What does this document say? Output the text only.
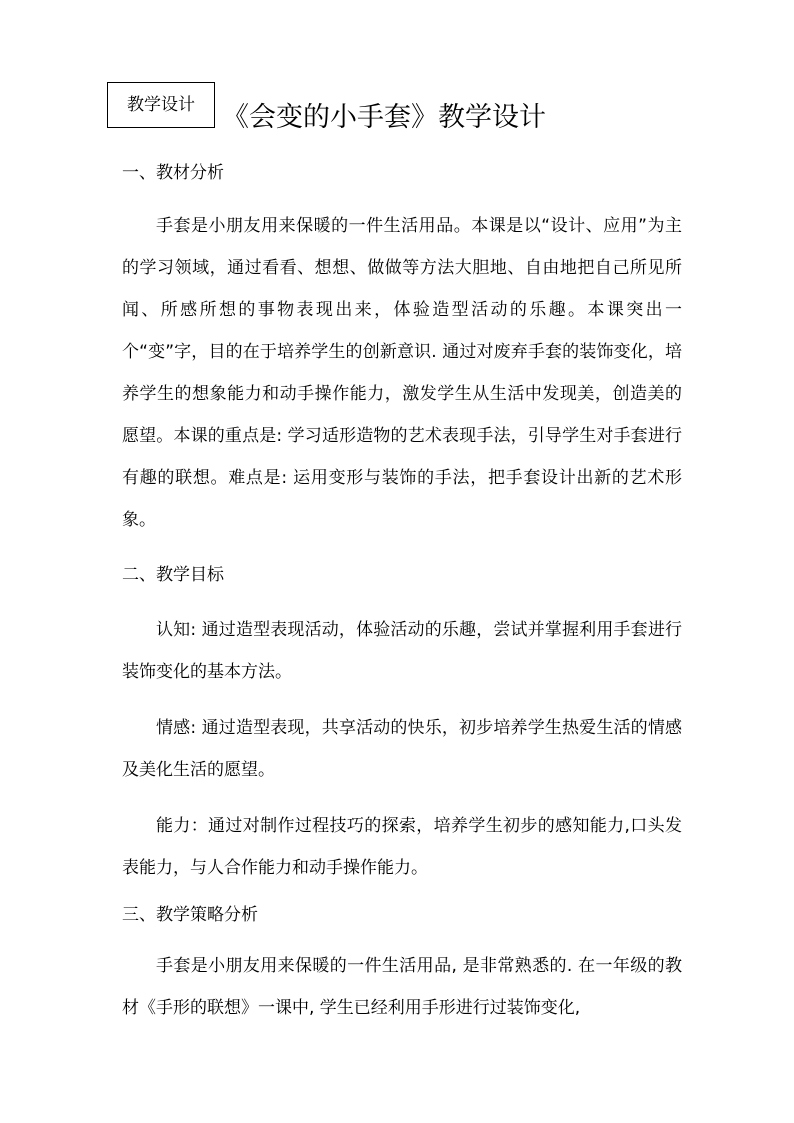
教学设计	《会变的小手套》教学设计
一、教材分析

手套是小朋友用来保暖的一件生活用品。本课是以“设计、应用”为主的学习领域，通过看看、想想、做做等方法大胆地、自由地把自己所见所闻、所感所想的事物表现出来，体验造型活动的乐趣。本课突出一个“变”字，目的在于培养学生的创新意识. 通过对废弃手套的装饰变化，培养学生的想象能力和动手操作能力，激发学生从生活中发现美，创造美的愿望。本课的重点是: 学习适形造物的艺术表现手法，引导学生对手套进行有趣的联想。难点是: 运用变形与装饰的手法，把手套设计出新的艺术形象。

二、教学目标

认知: 通过造型表现活动，体验活动的乐趣，尝试并掌握利用手套进行装饰变化的基本方法。

情感: 通过造型表现，共享活动的快乐，初步培养学生热爱生活的情感及美化生活的愿望。

能力：通过对制作过程技巧的探索，培养学生初步的感知能力,口头发表能力，与人合作能力和动手操作能力。

三、教学策略分析

手套是小朋友用来保暖的一件生活用品, 是非常熟悉的. 在一年级的教材《手形的联想》一课中, 学生已经利用手形进行过装饰变化,
